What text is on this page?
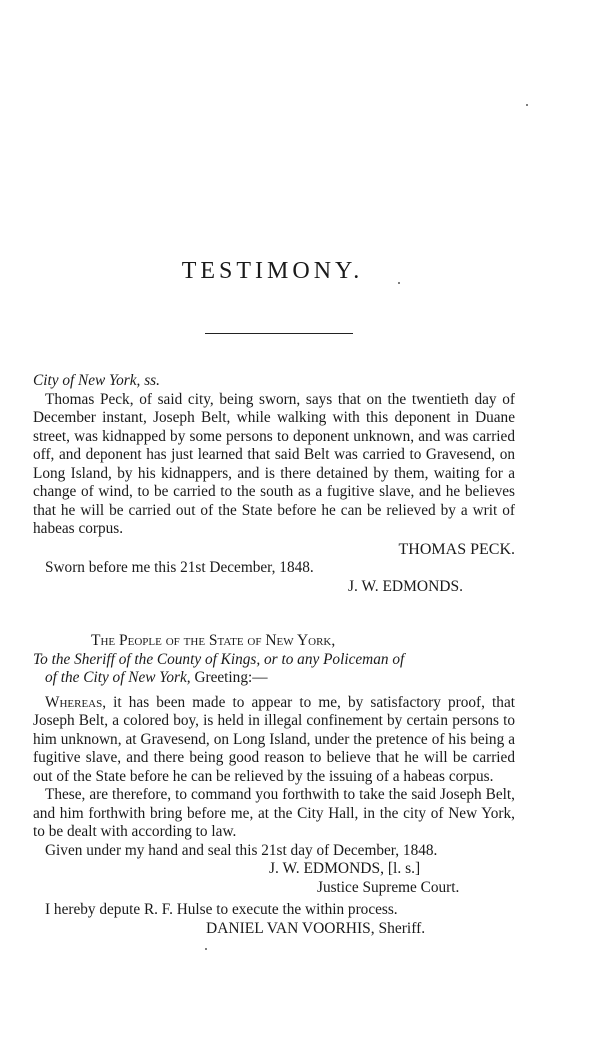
TESTIMONY.

City of New York, ss.

Thomas Peck, of said city, being sworn, says that on the twentieth day of December instant, Joseph Belt, while walking with this deponent in Duane street, was kidnapped by some persons to deponent unknown, and was carried off, and deponent has just learned that said Belt was carried to Gravesend, on Long Island, by his kidnappers, and is there detained by them, waiting for a change of wind, to be carried to the south as a fugitive slave, and he believes that he will be carried out of the State before he can be relieved by a writ of habeas corpus.

THOMAS PECK.

Sworn before me this 21st December, 1848.

J. W. EDMONDS.

The People of the State of New York,

To the Sheriff of the County of Kings, or to any Policeman of

of the City of New York, Greeting:—

Whereas, it has been made to appear to me, by satisfactory proof, that Joseph Belt, a colored boy, is held in illegal confinement by certain persons to him unknown, at Gravesend, on Long Island, under the pretence of his being a fugitive slave, and there being good reason to believe that he will be carried out of the State before he can be relieved by the issuing of a habeas corpus.

These, are therefore, to command you forthwith to take the said Joseph Belt, and him forthwith bring before me, at the City Hall, in the city of New York, to be dealt with according to law.

Given under my hand and seal this 21st day of December, 1848.

J. W. EDMONDS, [l. s.]

Justice Supreme Court.

I hereby depute R. F. Hulse to execute the within process.

DANIEL VAN VOORHIS, Sheriff.
